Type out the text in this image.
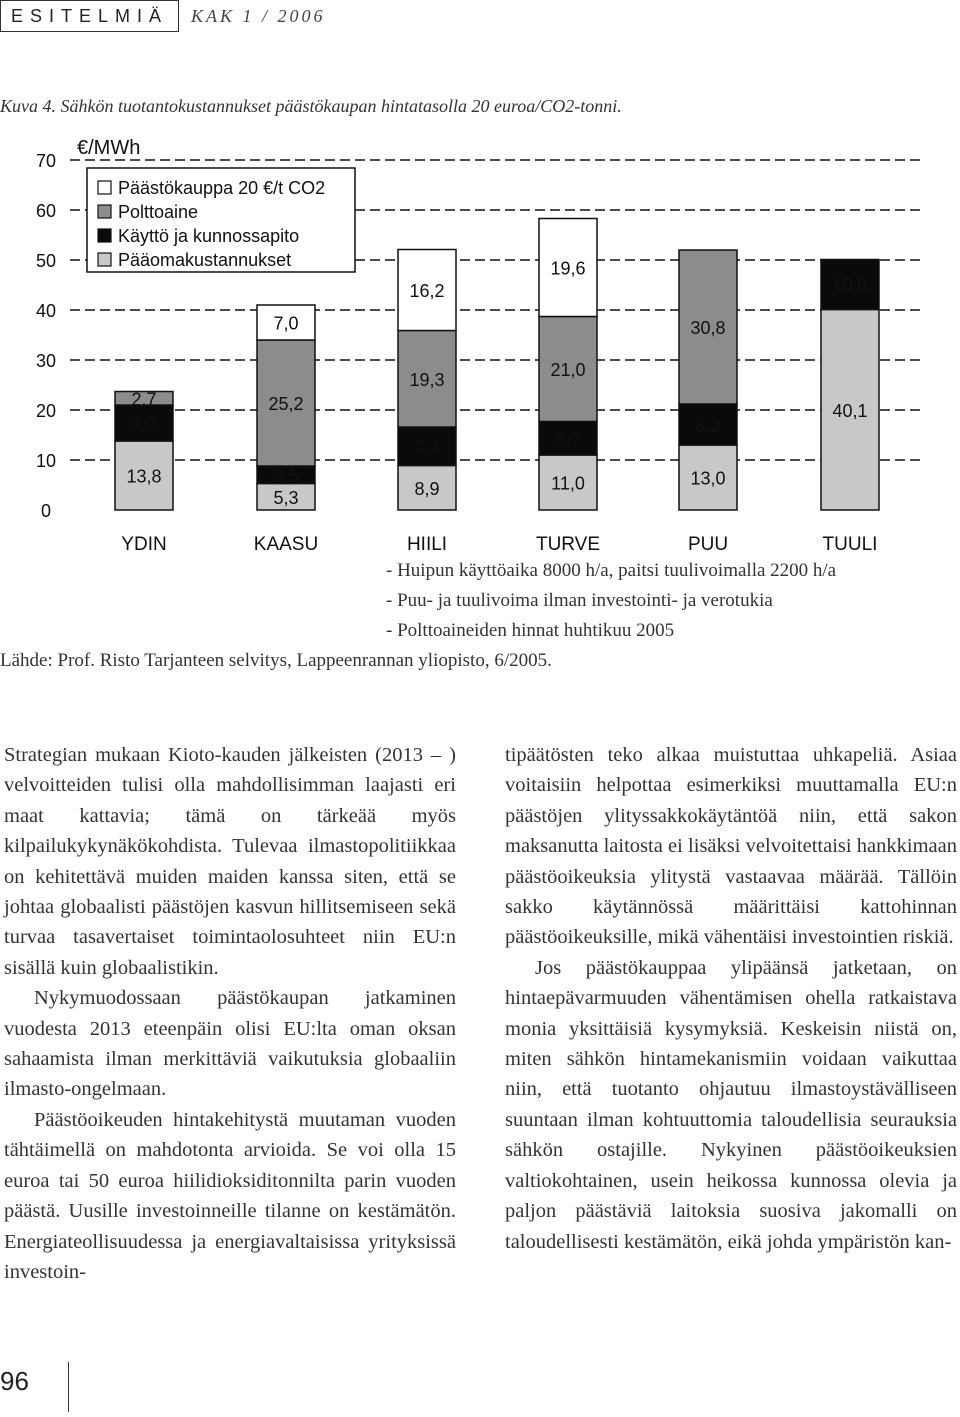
ESITELMIÄ	KAK 1 / 2006
Kuva 4. Sähkön tuotantokustannukset päästökaupan hintatasolla 20 euroa/CO2-tonni.
0
10
20
30
40
50
60
70
13,8
7,2
2,7
YDIN
5,3
3,5
25,2
7,0
KAASU
8,9
7,7
19,3
16,2
HIILI
11,0
6,7
21,0
19,6
TURVE
13,0
8,2
30,8
PUU
40,1
10,0
TUULI
€/MWh
Päästökauppa 20 €/t CO2
Polttoaine
Käyttö ja kunnossapito
Pääomakustannukset
- Huipun käyttöaika 8000 h/a, paitsi tuulivoimalla 2200 h/a
- Puu- ja tuulivoima ilman investointi- ja verotukia
- Polttoaineiden hinnat huhtikuu 2005
Lähde: Prof. Risto Tarjanteen selvitys, Lappeenrannan yliopisto, 6/2005.

Strategian mukaan Kioto-kauden jälkeisten (2013 – ) velvoitteiden tulisi olla mahdollisimman laajasti eri maat kattavia; tämä on tärkeää myös kilpailukykynäkökohdista. Tulevaa ilmastopolitiikkaa on kehitettävä muiden maiden kanssa siten, että se johtaa globaalisti päästöjen kasvun hillitsemiseen sekä turvaa tasavertaiset toimintaolosuhteet niin EU:n sisällä kuin globaalistikin.

Nykymuodossaan päästökaupan jatkaminen vuodesta 2013 eteenpäin olisi EU:lta oman oksan sahaamista ilman merkittäviä vaikutuksia globaaliin ilmasto-ongelmaan.

Päästöoikeuden hintakehitystä muutaman vuoden tähtäimellä on mahdotonta arvioida. Se voi olla 15 euroa tai 50 euroa hiilidioksiditonnilta parin vuoden päästä. Uusille investoinneille tilanne on kestämätön. Energiateollisuudessa ja energiavaltaisissa yrityksissä investoin-

tipäätösten teko alkaa muistuttaa uhkapeliä. Asiaa voitaisiin helpottaa esimerkiksi muuttamalla EU:n päästöjen ylityssakkokäytäntöä niin, että sakon maksanutta laitosta ei lisäksi velvoitettaisi hankkimaan päästöoikeuksia ylitystä vastaavaa määrää. Tällöin sakko käytännössä määrittäisi kattohinnan päästöoikeuksille, mikä vähentäisi investointien riskiä.

Jos päästökauppaa ylipäänsä jatketaan, on hintaepävarmuuden vähentämisen ohella ratkaistava monia yksittäisiä kysymyksiä. Keskeisin niistä on, miten sähkön hintamekanismiin voidaan vaikuttaa niin, että tuotanto ohjautuu ilmastoystävälliseen suuntaan ilman kohtuuttomia taloudellisia seurauksia sähkön ostajille. Nykyinen päästöoikeuksien valtiokohtainen, usein heikossa kunnossa olevia ja paljon päästäviä laitoksia suosiva jakomalli on taloudellisesti kestämätön, eikä johda ympäristön kan-

96
